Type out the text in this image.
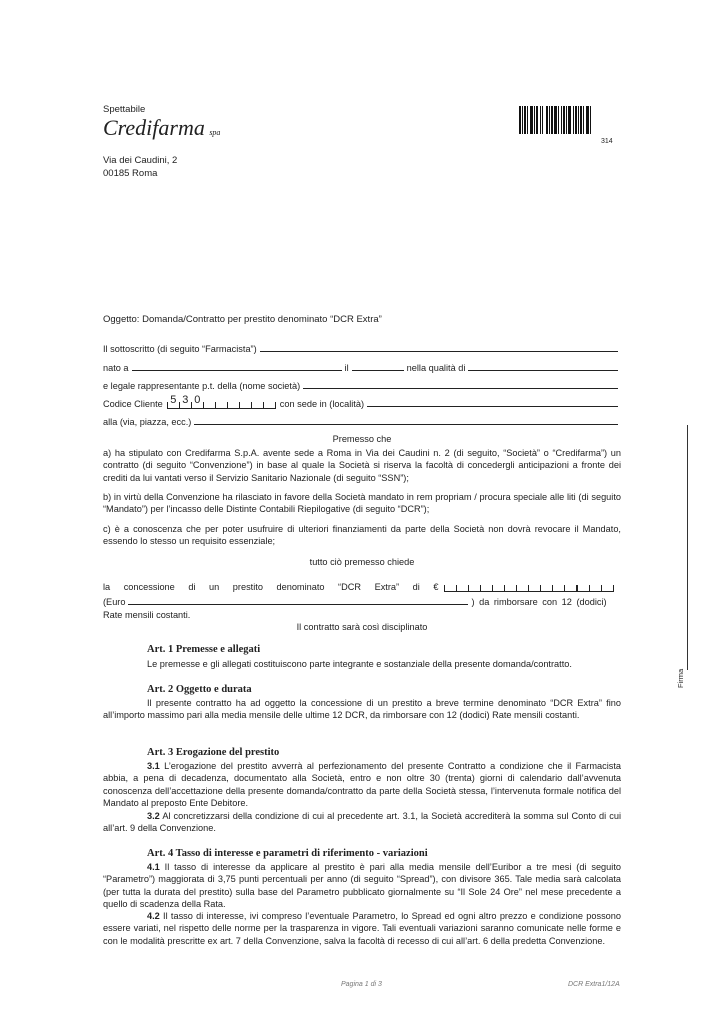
Spettabile
Credifarma spa
Via dei Caudini, 2
00185 Roma
314
Oggetto: Domanda/Contratto per prestito denominato “DCR Extra”
Il sottoscritto (di seguito “Farmacista”)
nato a	il	nella qualità di
e legale rappresentante p.t. della (nome società)
Codice Cliente 5 3 0	con sede in (località)
alla (via, piazza, ecc.)
Premesso che
a) ha stipulato con Credifarma S.p.A. avente sede a Roma in Via dei Caudini n. 2 (di seguito, “Società” o “Credifarma”) un contratto (di seguito “Convenzione”) in base al quale la Società si riserva la facoltà di concedergli anticipazioni a fronte dei crediti da lui vantati verso il Servizio Sanitario Nazionale (di seguito “SSN”);
b) in virtù della Convenzione ha rilasciato in favore della Società mandato in rem propriam / procura speciale alle liti (di seguito “Mandato”) per l’incasso delle Distinte Contabili Riepilogative (di seguito “DCR”);
c) è a conoscenza che per poter usufruire di ulteriori finanziamenti da parte della Società non dovrà revocare il Mandato, essendo lo stesso un requisito essenziale;
tutto ciò premesso chiede
la concessione di un prestito denominato “DCR Extra” di €
(Euro	) da rimborsare con 12 (dodici)
Rate mensili costanti.
Il contratto sarà così disciplinato
Art. 1 Premesse e allegati
Le premesse e gli allegati costituiscono parte integrante e sostanziale della presente domanda/contratto.
Art. 2 Oggetto e durata
Il presente contratto ha ad oggetto la concessione di un prestito a breve termine denominato “DCR Extra” fino all’importo massimo pari alla media mensile delle ultime 12 DCR, da rimborsare con 12 (dodici) Rate mensili costanti.
Art. 3 Erogazione del prestito
3.1 L’erogazione del prestito avverrà al perfezionamento del presente Contratto a condizione che il Farmacista abbia, a pena di decadenza, documentato alla Società, entro e non oltre 30 (trenta) giorni di calendario dall’avvenuta conoscenza dell’accettazione della presente domanda/contratto da parte della Società stessa, l’intervenuta formale notifica del Mandato al preposto Ente Debitore.
3.2 Al concretizzarsi della condizione di cui al precedente art. 3.1, la Società accrediterà la somma sul Conto di cui all’art. 9 della Convenzione.
Art. 4 Tasso di interesse e parametri di riferimento - variazioni
4.1 Il tasso di interesse da applicare al prestito è pari alla media mensile dell’Euribor a tre mesi (di seguito “Parametro”) maggiorata di 3,75 punti percentuali per anno (di seguito “Spread”), con divisore 365. Tale media sarà calcolata (per tutta la durata del prestito) sulla base del Parametro pubblicato giornalmente su “Il Sole 24 Ore” nel mese precedente a quello di scadenza della Rata.
4.2 Il tasso di interesse, ivi compreso l’eventuale Parametro, lo Spread ed ogni altro prezzo e condizione possono essere variati, nel rispetto delle norme per la trasparenza in vigore. Tali eventuali variazioni saranno comunicate nelle forme e con le modalità prescritte ex art. 7 della Convenzione, salva la facoltà di recesso di cui all’art. 6 della predetta Convenzione.
Firma
Pagina 1 di 3	DCR Extra1/12A
